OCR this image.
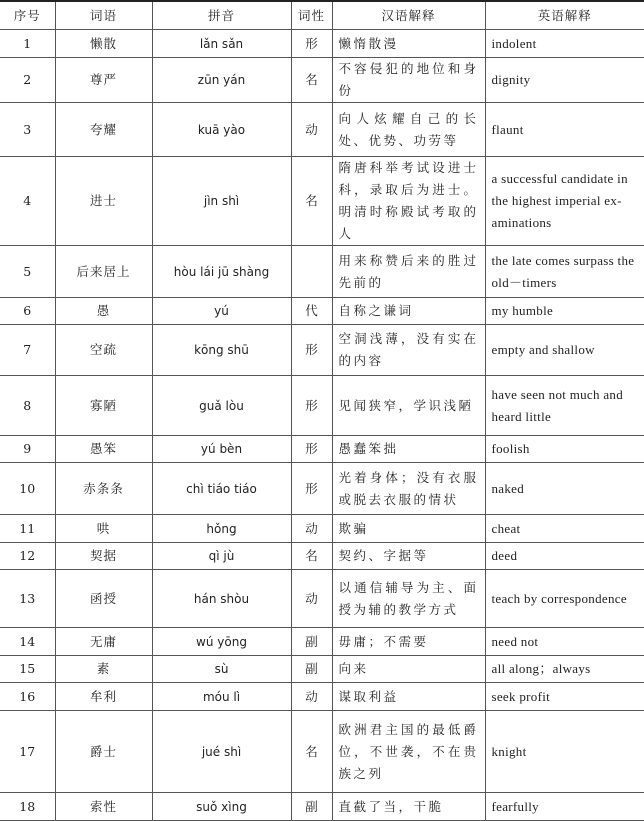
序号	词语	拼音	词性	汉语解释	英语解释
1	懒散	lǎn sǎn	形	懒惰散漫	indolent
2	尊严	zūn yán	名	不容侵犯的地位和身份	dignity
3	夸耀	kuā yào	动	向人炫耀自己的长处、优势、功劳等	flaunt
4	进士	jìn shì	名	隋唐科举考试设进士科，录取后为进士。明清时称殿试考取的人	a successful candidate in the highest imperial ex-aminations
5	后来居上	hòu lái jū shàng		用来称赞后来的胜过先前的	the late comes surpass the old－timers
6	愚	yú	代	自称之谦词	my humble
7	空疏	kōng shū	形	空洞浅薄，没有实在的内容	empty and shallow
8	寡陋	guǎ lòu	形	见闻狭窄，学识浅陋	have seen not much and heard little
9	愚笨	yú bèn	形	愚蠢笨拙	foolish
10	赤条条	chì tiáo tiáo	形	光着身体；没有衣服或脱去衣服的情状	naked
11	哄	hǒng	动	欺骗	cheat
12	契据	qì jù	名	契约、字据等	deed
13	函授	hán shòu	动	以通信辅导为主、面授为辅的教学方式	teach by correspondence
14	无庸	wú yōng	副	毋庸；不需要	need not
15	素	sù	副	向来	all along；always
16	牟利	móu lì	动	谋取利益	seek profit
17	爵士	jué shì	名	欧洲君主国的最低爵位，不世袭，不在贵族之列	knight
18	索性	suǒ xìng	副	直截了当，干脆	fearfully
